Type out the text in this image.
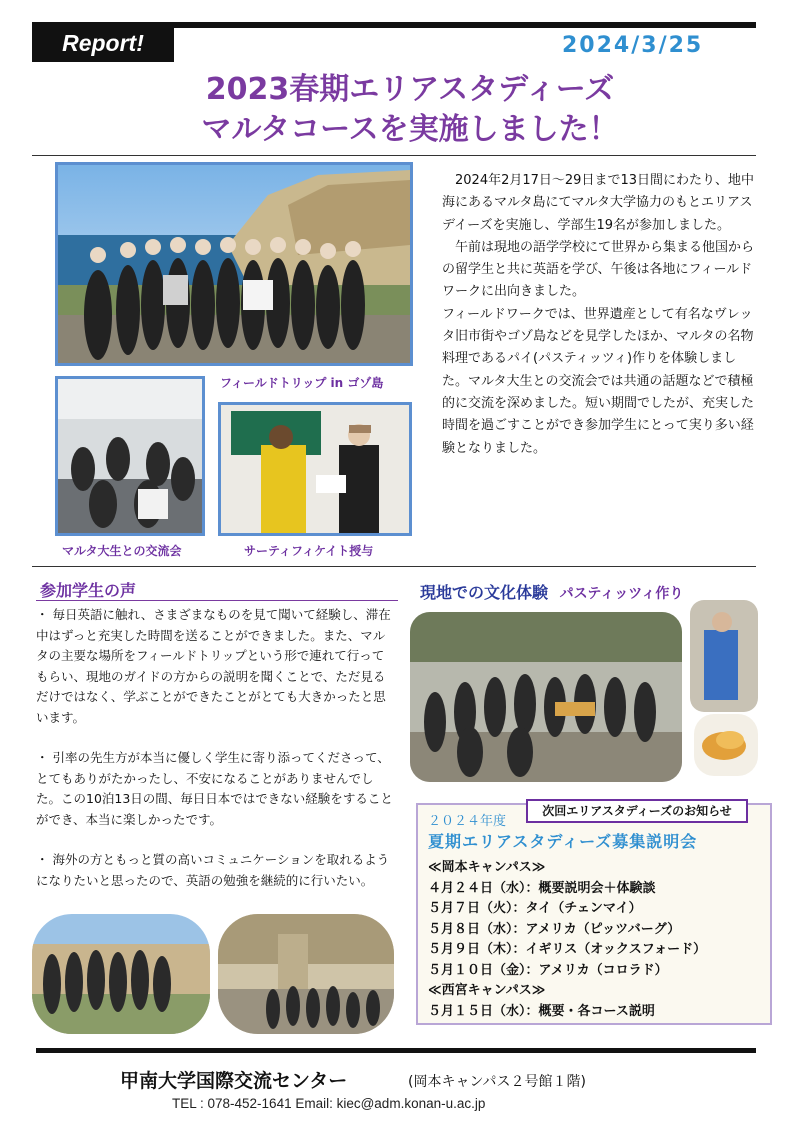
Report!	2024/3/25
2023春期エリアスタディーズ
マルタコースを実施しました！
フィールドトリップ in ゴゾ島
マルタ大生との交流会	サーティフィケイト授与

2024年2月17日～29日まで13日間にわたり、地中海にあるマルタ島にてマルタ大学協力のもとエリアスデイーズを実施し、学部生19名が参加しました。

午前は現地の語学学校にて世界から集まる他国からの留学生と共に英語を学び、午後は各地にフィールドワークに出向きました。

フィールドワークでは、世界遺産として有名なヴレッタ旧市街やゴゾ島などを見学したほか、マルタの名物料理であるパイ(パスティッツィ)作りを体験しました。マルタ大生との交流会では共通の話題などで積極的に交流を深めました。短い期間でしたが、充実した時間を過ごすことができ参加学生にとって実り多い経験となりました。

参加学生の声

・ 毎日英語に触れ、さまざまなものを見て聞いて経験し、滞在中はずっと充実した時間を送ることができました。また、マルタの主要な場所をフィールドトリップという形で連れて行ってもらい、現地のガイドの方からの説明を聞くことで、ただ見るだけではなく、学ぶことができたことがとても大きかったと思います。

・ 引率の先生方が本当に優しく学生に寄り添ってくださって、とてもありがたかったし、不安になることがありませんでした。この10泊13日の間、毎日日本ではできない経験をすることができ、本当に楽しかったです。

・ 海外の方ともっと質の高いコミュニケーションを取れるようになりたいと思ったので、英語の勉強を継続的に行いたい。

現地での文化体験 パスティッツィ作り
次回エリアスタディーズのお知らせ
２０２４年度
夏期エリアスタディーズ募集説明会
≪岡本キャンパス≫
４月２４日（水）：概要説明会＋体験談
５月７日（火）：タイ（チェンマイ）
５月８日（水）：アメリカ（ピッツバーグ）
５月９日（木）：イギリス（オックスフォード）
５月１０日（金）：アメリカ（コロラド）
≪西宮キャンパス≫
５月１５日（水）：概要・各コース説明
甲南大学国際交流センター	(岡本キャンパス２号館１階)
TEL : 078-452-1641 Email: kiec@adm.konan-u.ac.jp
